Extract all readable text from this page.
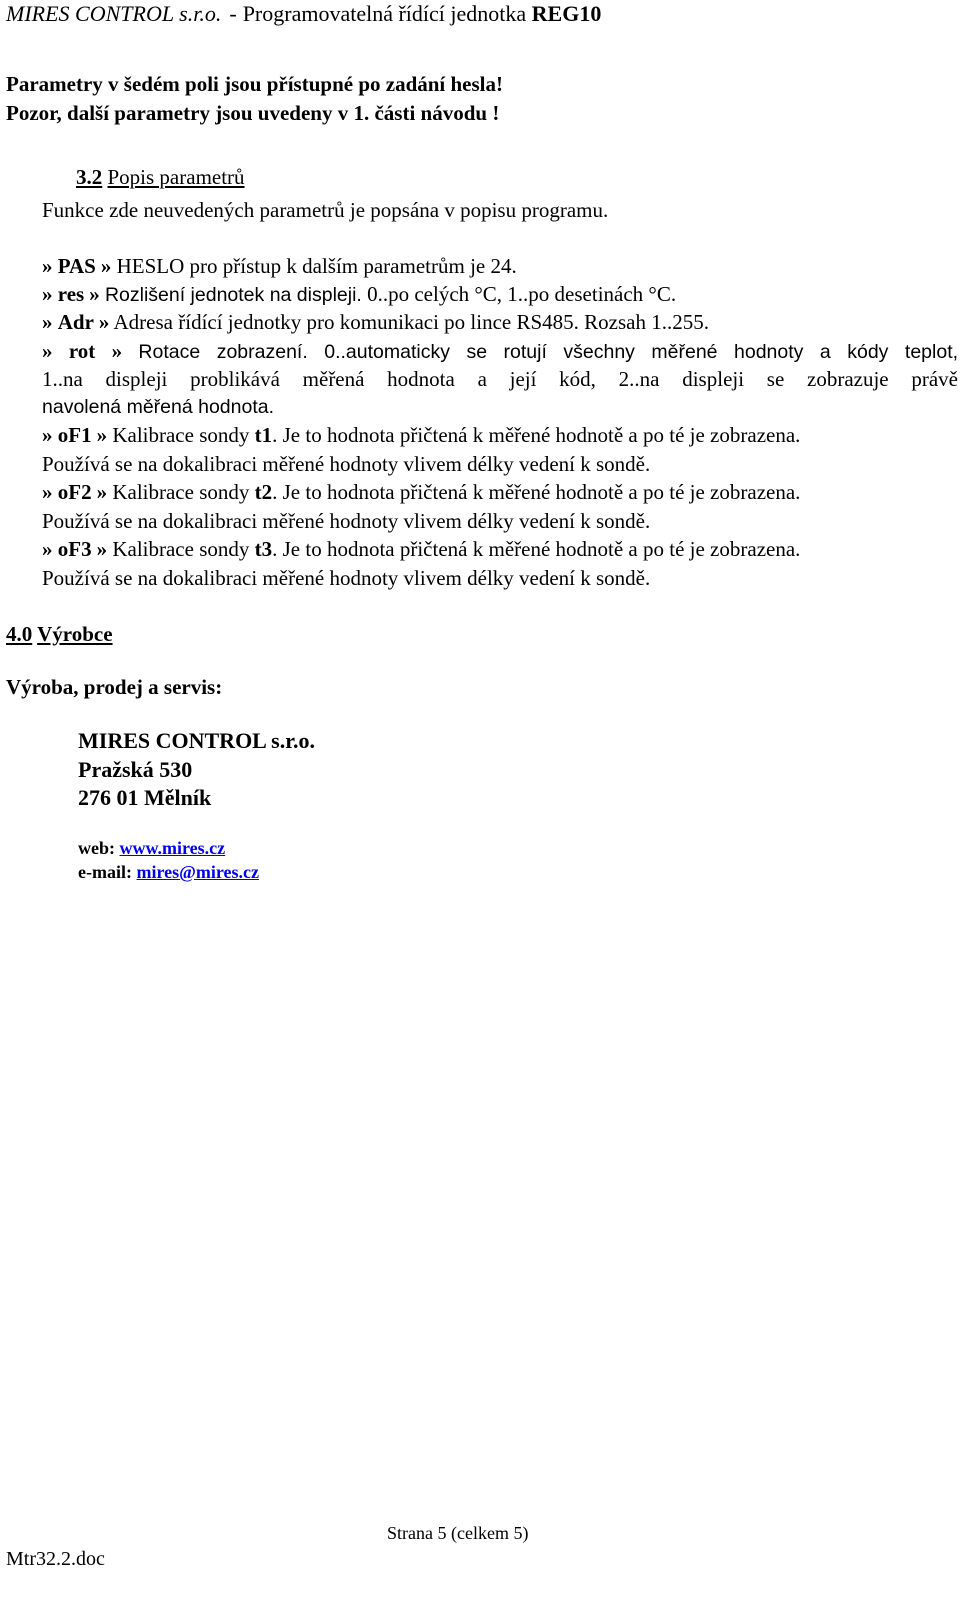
MIRES CONTROL s.r.o. - Programovatelná řídící jednotka REG10
Parametry v šedém poli jsou přístupné po zadání hesla!
Pozor, další parametry jsou uvedeny v 1. části návodu !
3.2 Popis parametrů
Funkce zde neuvedených parametrů je popsána v popisu programu.
» PAS » HESLO pro přístup k dalším parametrům je 24.
» res » Rozlišení jednotek na displeji. 0..po celých °C, 1..po desetinách °C.
» Adr » Adresa řídící jednotky pro komunikaci po lince RS485. Rozsah 1..255.
» rot » Rotace zobrazení. 0..automaticky se rotují všechny měřené hodnoty a kódy teplot,
1..na displeji problikává měřená hodnota a její kód, 2..na displeji se zobrazuje právě
navolená měřená hodnota.
» oF1 » Kalibrace sondy t1. Je to hodnota přičtená k měřené hodnotě a po té je zobrazena.
Používá se na dokalibraci měřené hodnoty vlivem délky vedení k sondě.
» oF2 » Kalibrace sondy t2. Je to hodnota přičtená k měřené hodnotě a po té je zobrazena.
Používá se na dokalibraci měřené hodnoty vlivem délky vedení k sondě.
» oF3 » Kalibrace sondy t3. Je to hodnota přičtená k měřené hodnotě a po té je zobrazena.
Používá se na dokalibraci měřené hodnoty vlivem délky vedení k sondě.
4.0 Výrobce
Výroba, prodej a servis:
MIRES CONTROL s.r.o.
Pražská 530
276 01 Mělník
web: www.mires.cz
e-mail: mires@mires.cz
Strana 5 (celkem 5)
Mtr32.2.doc
